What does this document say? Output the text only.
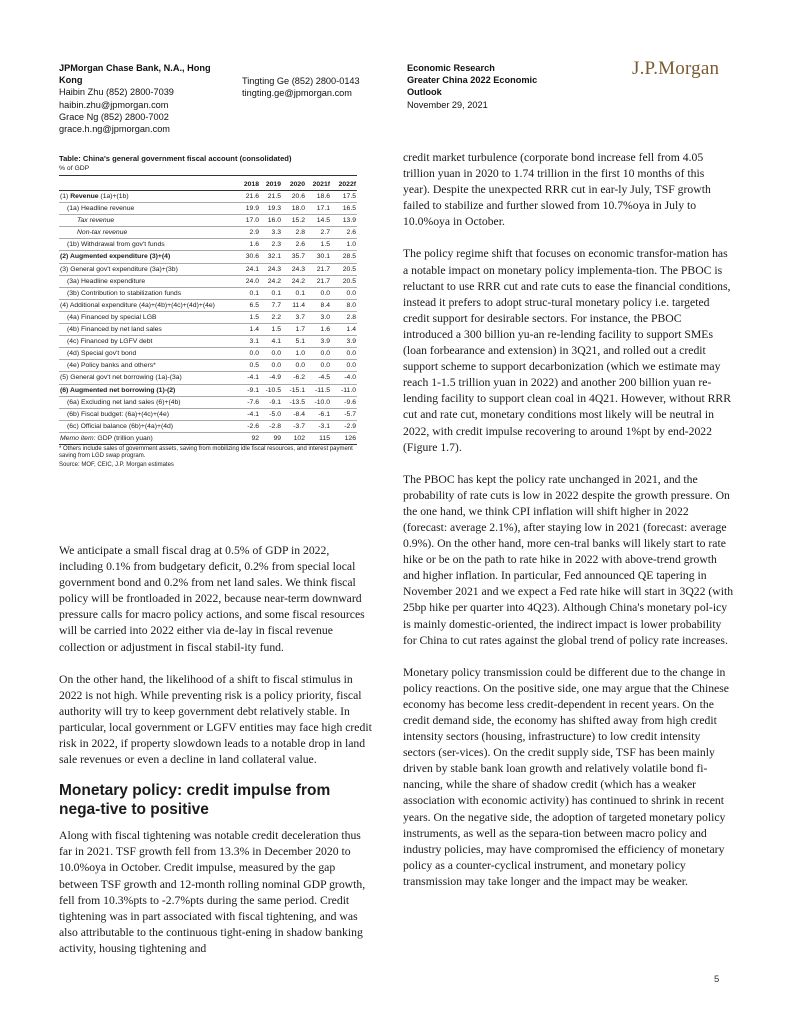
JPMorgan Chase Bank, N.A., Hong
Kong
Haibin Zhu (852) 2800-7039
haibin.zhu@jpmorgan.com
Grace Ng (852) 2800-7002
grace.h.ng@jpmorgan.com
Tingting Ge (852) 2800-0143
tingting.ge@jpmorgan.com
Economic Research
Greater China 2022 Economic
Outlook
November 29, 2021
J.P.Morgan
Table: China's general government fiscal account (consolidated)
% of GDP
	2018	2019	2020	2021f	2022f
(1) Revenue (1a)+(1b)	21.6	21.5	20.6	18.6	17.5
(1a) Headline revenue	19.9	19.3	18.0	17.1	16.5
Tax revenue	17.0	16.0	15.2	14.5	13.9
Non-tax revenue	2.9	3.3	2.8	2.7	2.6
(1b) Withdrawal from gov't funds	1.6	2.3	2.6	1.5	1.0
(2) Augmented expenditure (3)+(4)	30.6	32.1	35.7	30.1	28.5
(3) General gov't expenditure (3a)+(3b)	24.1	24.3	24.3	21.7	20.5
(3a) Headline expenditure	24.0	24.2	24.2	21.7	20.5
(3b) Contribution to stabilization funds	0.1	0.1	0.1	0.0	0.0
(4) Additional expenditure (4a)+(4b)+(4c)+(4d)+(4e)	6.5	7.7	11.4	8.4	8.0
(4a) Financed by special LGB	1.5	2.2	3.7	3.0	2.8
(4b) Financed by net land sales	1.4	1.5	1.7	1.6	1.4
(4c) Financed by LGFV debt	3.1	4.1	5.1	3.9	3.9
(4d) Special gov't bond	0.0	0.0	1.0	0.0	0.0
(4e) Policy banks and others*	0.5	0.0	0.0	0.0	0.0
(5) General gov't net borrowing (1a)-(3a)	-4.1	-4.9	-6.2	-4.5	-4.0
(6) Augmented net borrowing (1)-(2)	-9.1	-10.5	-15.1	-11.5	-11.0
(6a) Excluding net land sales (6)+(4b)	-7.6	-9.1	-13.5	-10.0	-9.6
(6b) Fiscal budget: (6a)+(4c)+(4e)	-4.1	-5.0	-8.4	-6.1	-5.7
(6c) Official balance (6b)+(4a)+(4d)	-2.6	-2.8	-3.7	-3.1	-2.9
Memo item: GDP (trillion yuan)	92	99	102	115	126
* Others include sales of government assets, saving from mobilizing idle fiscal resources, and interest payment saving from LGD swap program.
Source: MOF, CEIC, J.P. Morgan estimates

We anticipate a small fiscal drag at 0.5% of GDP in 2022, including 0.1% from budgetary deficit, 0.2% from special local government bond and 0.2% from net land sales. We think fiscal policy will be frontloaded in 2022, because near-term downward pressure calls for macro policy actions, and some fiscal resources will be carried into 2022 either via de-lay in fiscal revenue collection or adjustment in fiscal stabil-ity fund.

On the other hand, the likelihood of a shift to fiscal stimulus in 2022 is not high. While preventing risk is a policy priority, fiscal authority will try to keep government debt relatively stable. In particular, local government or LGFV entities may face high credit risk in 2022, if property slowdown leads to a notable drop in land sale revenues or even a decline in land collateral value.

Monetary policy: credit impulse from nega-tive to positive

Along with fiscal tightening was notable credit deceleration thus far in 2021. TSF growth fell from 13.3% in December 2020 to 10.0%oya in October. Credit impulse, measured by the gap between TSF growth and 12-month rolling nominal GDP growth, fell from 10.3%pts to -2.7%pts during the same period. Credit tightening was in part associated with fiscal tightening, and was also attributable to the continuous tight-ening in shadow banking activity, housing tightening and

credit market turbulence (corporate bond increase fell from 4.05 trillion yuan in 2020 to 1.74 trillion in the first 10 months of this year). Despite the unexpected RRR cut in ear-ly July, TSF growth failed to stabilize and further slowed from 10.7%oya in July to 10.0%oya in October.

The policy regime shift that focuses on economic transfor-mation has a notable impact on monetary policy implementa-tion. The PBOC is reluctant to use RRR cut and rate cuts to ease the financial conditions, instead it prefers to adopt struc-tural monetary policy i.e. targeted credit support for desirable sectors. For instance, the PBOC introduced a 300 billion yu-an re-lending facility to support SMEs (loan forbearance and extension) in 3Q21, and rolled out a credit support scheme to support decarbonization (which we estimate may reach 1-1.5 trillion yuan in 2022) and another 200 billion yuan re-lending facility to support clean coal in 4Q21. However, without RRR cut and rate cut, monetary conditions most likely will be neutral in 2022, with credit impulse recovering to around 1%pt by end-2022 (Figure 1.7).

The PBOC has kept the policy rate unchanged in 2021, and the probability of rate cuts is low in 2022 despite the growth pressure. On the one hand, we think CPI inflation will shift higher in 2022 (forecast: average 2.1%), after staying low in 2021 (forecast: average 0.9%). On the other hand, more cen-tral banks will likely start to rate hike or be on the path to rate hike in 2022 with above-trend growth and higher inflation. In particular, Fed announced QE tapering in November 2021 and we expect a Fed rate hike will start in 3Q22 (with 25bp hike per quarter into 4Q23). Although China's monetary pol-icy is mainly domestic-oriented, the indirect impact is lower probability for China to cut rates against the global trend of policy rate increases.

Monetary policy transmission could be different due to the change in policy reactions. On the positive side, one may argue that the Chinese economy has become less credit-dependent in recent years. On the credit demand side, the economy has shifted away from high credit intensity sectors (housing, infrastructure) to low credit intensity sectors (ser-vices). On the credit supply side, TSF has been mainly driven by stable bank loan growth and relatively volatile bond fi-nancing, while the share of shadow credit (which has a weaker association with economic activity) has continued to shrink in recent years. On the negative side, the adoption of targeted monetary policy instruments, as well as the separa-tion between macro policy and industry policies, may have compromised the efficiency of monetary policy as a counter-cyclical instrument, and monetary policy transmission may take longer and the impact may be weaker.

5
